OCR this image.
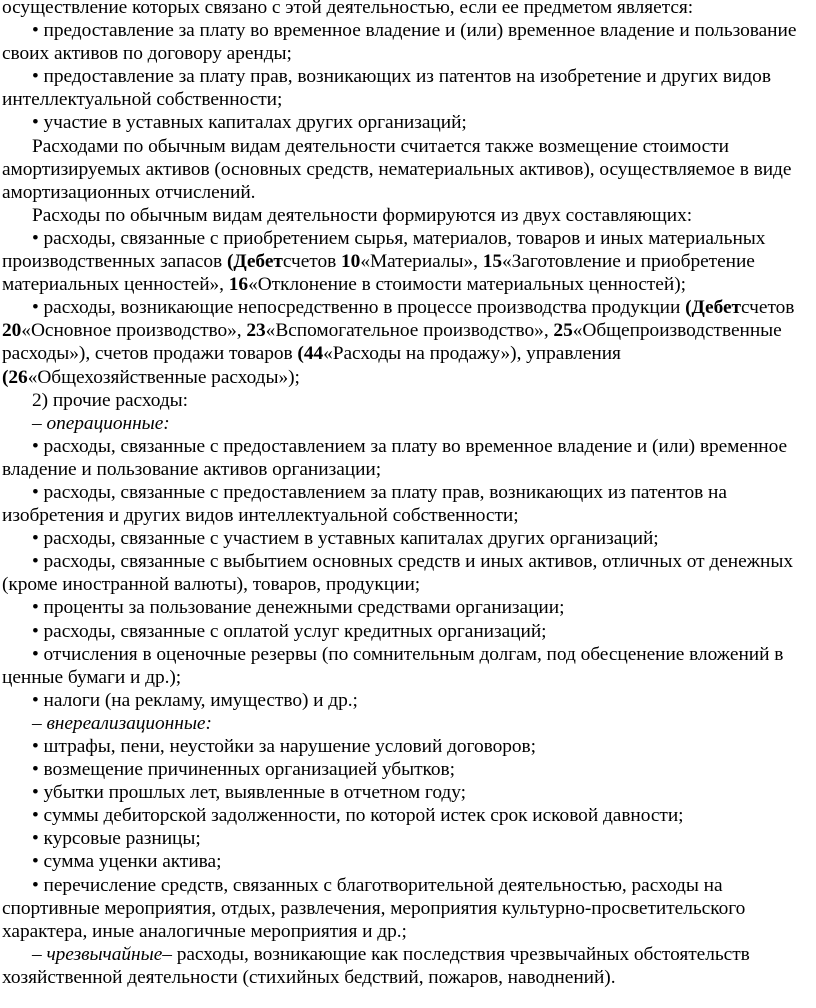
осуществление которых связано с этой деятельностью, если ее предметом является:

• предоставление за плату во временное владение и (или) временное владение и пользование своих активов по договору аренды;

• предоставление за плату прав, возникающих из патентов на изобретение и других видов интеллектуальной собственности;

• участие в уставных капиталах других организаций;

Расходами по обычным видам деятельности считается также возмещение стоимости амортизируемых активов (основных средств, нематериальных активов), осуществляемое в виде амортизационных отчислений.

Расходы по обычным видам деятельности формируются из двух составляющих:

• расходы, связанные с приобретением сырья, материалов, товаров и иных материальных производственных запасов (Дебетсчетов 10«Материалы», 15«Заготовление и приобретение материальных ценностей», 16«Отклонение в стоимости материальных ценностей);

• расходы, возникающие непосредственно в процессе производства продукции (Дебетсчетов 20«Основное производство», 23«Вспомогательное производство», 25«Общепроизводственные расходы»), счетов продажи товаров (44«Расходы на продажу»), управления (26«Общехозяйственные расходы»);

2) прочие расходы:

– операционные:

• расходы, связанные с предоставлением за плату во временное владение и (или) временное владение и пользование активов организации;

• расходы, связанные с предоставлением за плату прав, возникающих из патентов на изобретения и других видов интеллектуальной собственности;

• расходы, связанные с участием в уставных капиталах других организаций;

• расходы, связанные с выбытием основных средств и иных активов, отличных от денежных (кроме иностранной валюты), товаров, продукции;

• проценты за пользование денежными средствами организации;

• расходы, связанные с оплатой услуг кредитных организаций;

• отчисления в оценочные резервы (по сомнительным долгам, под обесценение вложений в ценные бумаги и др.);

• налоги (на рекламу, имущество) и др.;

– внереализационные:

• штрафы, пени, неустойки за нарушение условий договоров;

• возмещение причиненных организацией убытков;

• убытки прошлых лет, выявленные в отчетном году;

• суммы дебиторской задолженности, по которой истек срок исковой давности;

• курсовые разницы;

• сумма уценки актива;

• перечисление средств, связанных с благотворительной деятельностью, расходы на спортивные мероприятия, отдых, развлечения, мероприятия культурно-просветительского характера, иные аналогичные мероприятия и др.;

– чрезвычайные– расходы, возникающие как последствия чрезвычайных обстоятельств хозяйственной деятельности (стихийных бедствий, пожаров, наводнений).
